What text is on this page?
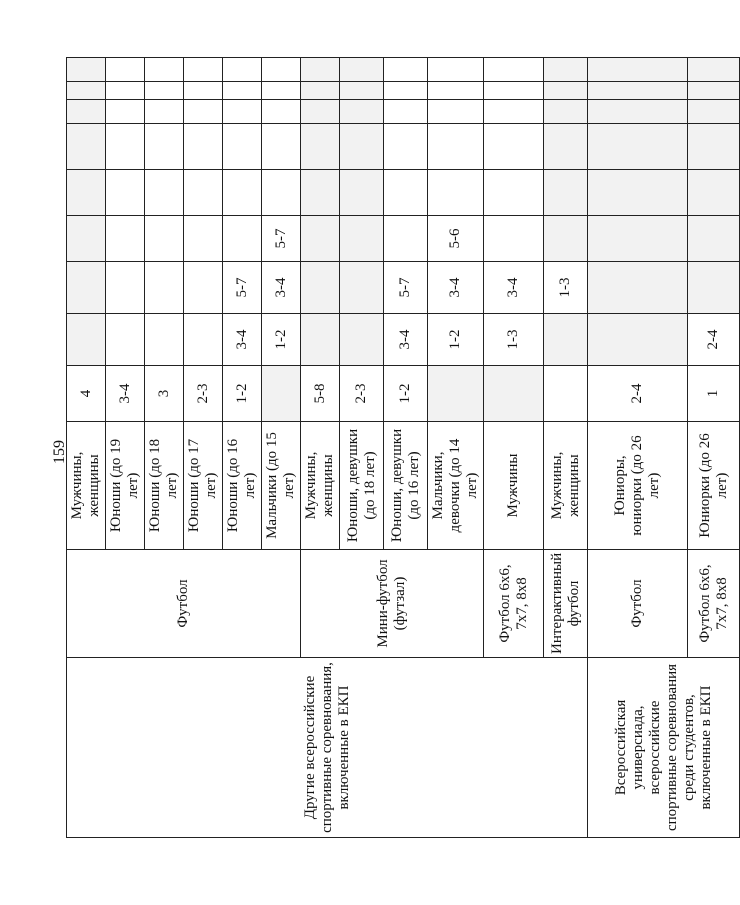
159
Другие всероссийские спортивные соревнования, включенные в ЕКП	Футбол	Мужчины, женщины	4								
		Юноши (до 19 лет)	3-4								
		Юноши (до 18 лет)	3								
		Юноши (до 17 лет)	2-3								
		Юноши (до 16 лет)	1-2	3-4	5-7						
		Мальчики (до 15 лет)		1-2	3-4	5-7					
	Мини-футбол (футзал)	Мужчины, женщины	5-8								
		Юноши, девушки (до 18 лет)	2-3								
		Юноши, девушки (до 16 лет)	1-2	3-4	5-7						
		Мальчики, девочки (до 14 лет)		1-2	3-4	5-6					
	Футбол 6х6, 7х7, 8х8	Мужчины		1-3	3-4						
	Интерактивный футбол	Мужчины, женщины			1-3						
Всероссийская универсиада, всероссийские спортивные соревнования среди студентов, включенные в ЕКП	Футбол	Юниоры, юниорки (до 26 лет)	2-4								
	Футбол 6х6, 7х7, 8х8	Юниорки (до 26 лет)	1	2-4							
